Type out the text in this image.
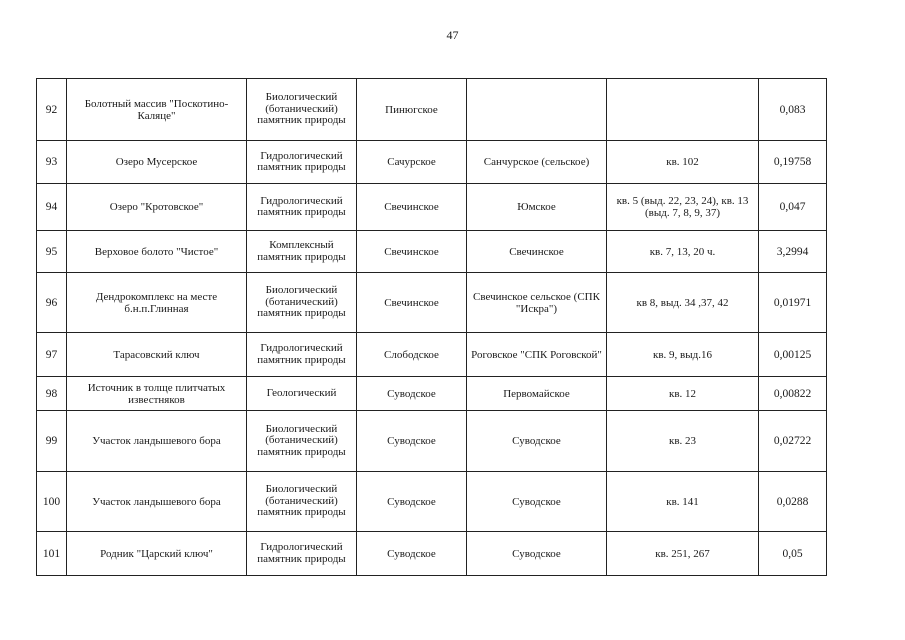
47
92	Болотный массив "Поскотино-Каляце"	Биологический (ботанический) памятник природы	Пинюгское			0,083
93	Озеро Мусерское	Гидрологический памятник природы	Сачурское	Санчурское (сельское)	кв. 102	0,19758
94	Озеро "Кротовское"	Гидрологический памятник природы	Свечинское	Юмское	кв. 5 (выд. 22, 23, 24), кв. 13 (выд. 7, 8, 9, 37)	0,047
95	Верховое болото "Чистое"	Комплексный памятник природы	Свечинское	Свечинское	кв. 7, 13, 20 ч.	3,2994
96	Дендрокомплекс на месте б.н.п.Глинная	Биологический (ботанический) памятник природы	Свечинское	Свечинское сельское (СПК "Искра")	кв 8, выд. 34 ,37, 42	0,01971
97	Тарасовский ключ	Гидрологический памятник природы	Слободское	Роговское "СПК Роговской"	кв. 9, выд.16	0,00125
98	Источник в толще плитчатых известняков	Геологический	Суводское	Первомайское	кв. 12	0,00822
99	Участок ландышевого бора	Биологический (ботанический) памятник природы	Суводское	Суводское	кв. 23	0,02722
100	Участок ландышевого бора	Биологический (ботанический) памятник природы	Суводское	Суводское	кв. 141	0,0288
101	Родник "Царский ключ"	Гидрологический памятник природы	Суводское	Суводское	кв. 251, 267	0,05
